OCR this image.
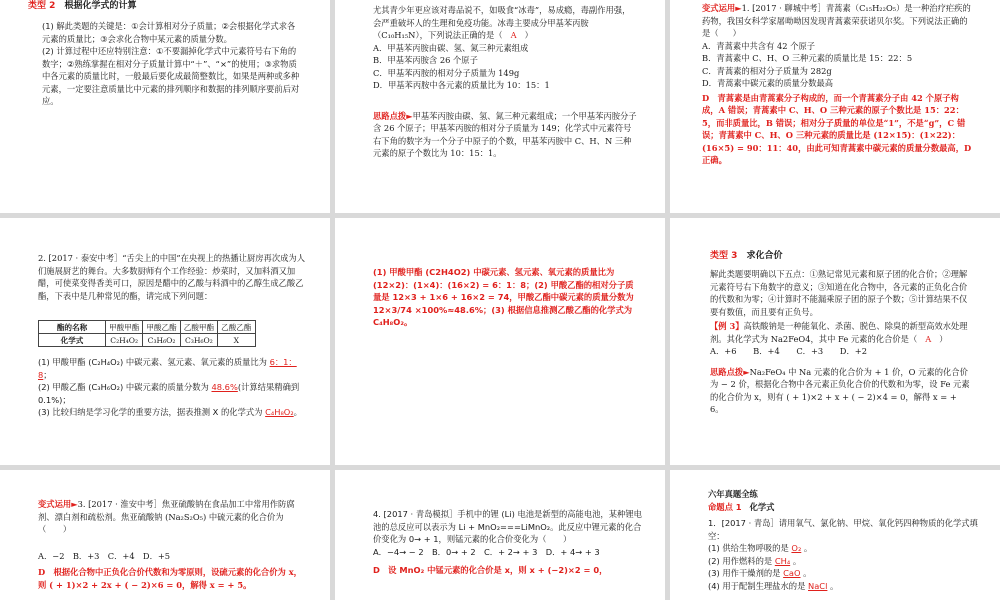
类型 2 根据化学式的计算

(1) 解此类题的关键是：①会计算相对分子质量；②会根据化学式求各元素的质量比；③会求化合物中某元素的质量分数。

(2) 计算过程中还应特别注意：①不要漏掉化学式中元素符号右下角的数字；②熟练掌握在相对分子质量计算中“＋”、“×”的使用；③求物质中各元素的质量比时，一般最后要化成最简整数比，如果是两种或多种元素，一定要注意质量比中元素的排列顺序和数据的排列顺序要前后对应。

尤其青少年更应该对毒品说不，如吸食“冰毒”，易成瘾，毒副作用强，会严重破坏人的生理和免疫功能。冰毒主要成分甲基苯丙胺（C₁₀H₁₅N），下列说法正确的是（ A ）

A．甲基苯丙胺由碳、氢、氮三种元素组成

B．甲基苯丙胺含 26 个原子

C．甲基苯丙胺的相对分子质量为 149g

D．甲基苯丙胺中各元素的质量比为 10：15：1

思路点拨►甲基苯丙胺由碳、氢、氮三种元素组成；一个甲基苯丙胺分子含 26 个原子；甲基苯丙胺的相对分子质量为 149；化学式中元素符号右下角的数字为一个分子中原子的个数，甲基苯丙胺中 C、H、N 三种元素的原子个数比为 10：15：1。

变式运用►1. [2017 · 聊城中考］青蒿素（C₁₅H₂₂O₅）是一种治疗疟疾的药物，我国女科学家屠呦呦因发现青蒿素荣获诺贝尔奖。下列说法正确的是（ ）

A．青蒿素中共含有 42 个原子

B．青蒿素中 C、H、O 三种元素的质量比是 15：22：5

C．青蒿素的相对分子质量为 282g

D．青蒿素中碳元素的质量分数最高

D　青蒿素是由青蒿素分子构成的，而一个青蒿素分子由 42 个原子构成，A 错误；青蒿素中 C、H、O 三种元素的原子个数比是 15：22：5，而非质量比，B 错误；相对分子质量的单位是“1”，不是“g”，C 错误；青蒿素中 C、H、O 三种元素的质量比是 (12×15)：(1×22)：(16×5) = 90：11：40，由此可知青蒿素中碳元素的质量分数最高，D 正确。

2. [2017 · 泰安中考］“舌尖上的中国”在央视上的热播让厨房再次成为人们施展厨艺的舞台。大多数厨师有个工作经验：炒菜时，又加料酒又加醋，可使菜变得香美可口，原因是醋中的乙酸与料酒中的乙醇生成乙酸乙酯，下表中是几种常见的酯，请完成下列问题：

酯的名称	甲酸甲酯	甲酸乙酯	乙酸甲酯	乙酸乙酯
化学式	C₂H₄O₂	C₃H₆O₂	C₃H₆O₂	X

(1) 甲酸甲酯 (C₂H₄O₂) 中碳元素、氢元素、氧元素的质量比为 6：1：8；

(2) 甲酸乙酯 (C₃H₆O₂) 中碳元素的质量分数为 48.6%(计算结果精确到 0.1%)；

(3) 比较归纳是学习化学的重要方法，据表推测 X 的化学式为 C₄H₈O₂。

(1) 甲酸甲酯 (C2H4O2) 中碳元素、氢元素、氧元素的质量比为 (12×2)：(1×4)：(16×2) = 6：1：8；(2) 甲酸乙酯的相对分子质量是 12×3 + 1×6 + 16×2 = 74，甲酸乙酯中碳元素的质量分数为 12×3/74 ×100%≈48.6%；(3) 根据信息推测乙酸乙酯的化学式为 C₄H₈O₂。
类型 3 求化合价

解此类题要明确以下五点：①熟记常见元素和原子团的化合价；②理解元素符号右下角数字的意义；③知道在化合物中，各元素的正负化合价的代数和为零；④计算时不能漏乘原子团的原子个数；⑤计算结果不仅要有数值，而且要有正负号。

【例 3】高铁酸钠是一种能氧化、杀菌、脱色、除臭的新型高效水处理剂。其化学式为 Na2FeO4，其中 Fe 元素的化合价是（ A ）

A．+6　　B．+4　　C．+3　　D．+2

思路点拨►Na₂FeO₄ 中 Na 元素的化合价为 + 1 价，O 元素的化合价为 − 2 价，根据化合物中各元素正负化合价的代数和为零，设 Fe 元素的化合价为 x，则有 ( + 1)×2 + x + ( − 2)×4 = 0，解得 x = + 6。

变式运用►3. [2017 · 淮安中考］焦亚硫酸钠在食品加工中常用作防腐剂、漂白剂和疏松剂。焦亚硫酸钠 (Na₂S₂O₅) 中硫元素的化合价为（　　）

A．−2　B．+3　C．+4　D．+5

D　根据化合物中正负化合价代数和为零原则，设硫元素的化合价为 x，则 ( + 1)×2 + 2x + ( − 2)×6 = 0，解得 x = + 5。

4. [2017 · 青岛模拟］手机中的锂 (Li) 电池是新型的高能电池，某种锂电池的总反应可以表示为 Li + MnO₂===LiMnO₂。此反应中锂元素的化合价变化为 0→ + 1，则锰元素的化合价变化为（　　）

A．−4→ − 2　B．0→ + 2　C．+ 2→ + 3　D．+ 4→ + 3

D　设 MnO₂ 中锰元素的化合价是 x，则 x + (−2)×2 = 0，

六年真题全练

命题点 1 化学式

1．[2017 · 青岛］请用氧气、氯化钠、甲烷、氧化钙四种物质的化学式填空：

(1) 供给生物呼吸的是 O₂ 。

(2) 用作燃料的是 CH₄ 。

(3) 用作干燥剂的是 CaO 。

(4) 用于配制生理盐水的是 NaCl 。
